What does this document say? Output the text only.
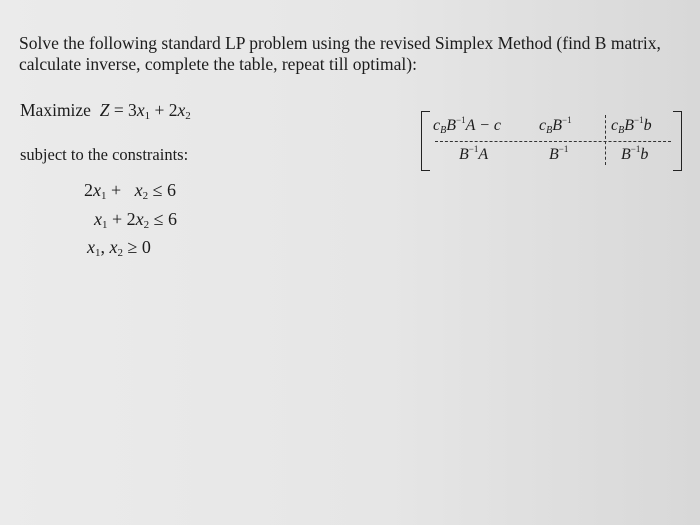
Solve the following standard LP problem using the revised Simplex Method (find B matrix, calculate inverse, complete the table, repeat till optimal):

Maximize  $Z = 3x_1 + 2x_2$
subject to the constraints:
$2x_1 + x_2 \le 6$
$x_1 + 2x_2 \le 6$
$x_1$, $x_2 \ge 0$
$c_BB^{-1}A - c$ $c_BB^{-1}$ $c_BB^{-1}b$
$B^{-1}A$	$B^{-1}$	$B^{-1}b$
